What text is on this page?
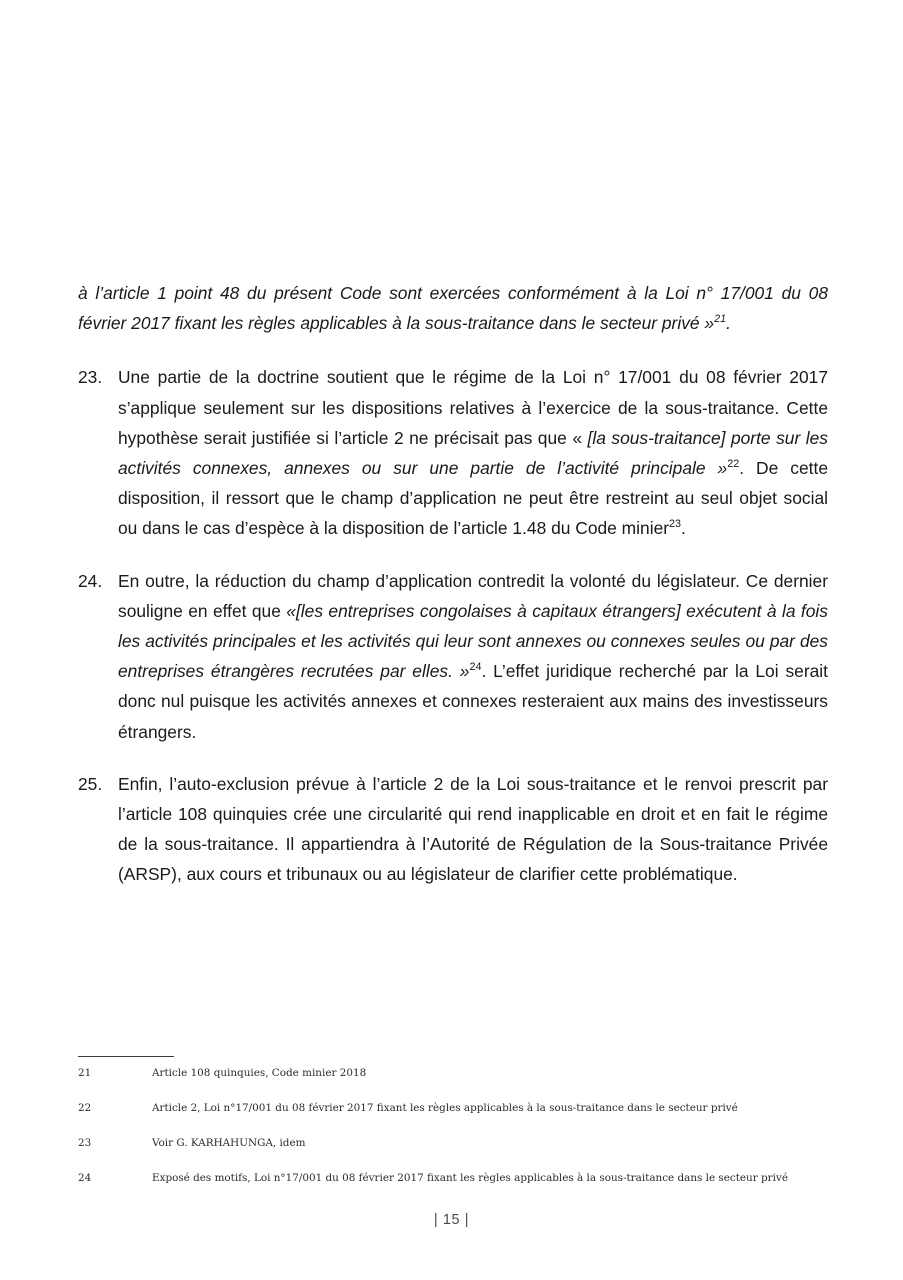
à l’article 1 point 48 du présent Code sont exercées conformément à la Loi n° 17/001 du 08 février 2017 fixant les règles applicables à la sous-traitance dans le secteur privé »$^{21}$.
23. Une partie de la doctrine soutient que le régime de la Loi n° 17/001 du 08 février 2017 s’applique seulement sur les dispositions relatives à l’exercice de la sous-traitance. Cette hypothèse serait justifiée si l’article 2 ne précisait pas que « [la sous-traitance] porte sur les activités connexes, annexes ou sur une partie de l’activité principale »$^{22}$. De cette disposition, il ressort que le champ d’application ne peut être restreint au seul objet social ou dans le cas d’espèce à la disposition de l’article 1.48 du Code minier$^{23}$.
24. En outre, la réduction du champ d’application contredit la volonté du législateur. Ce dernier souligne en effet que «[les entreprises congolaises à capitaux étrangers] exécutent à la fois les activités principales et les activités qui leur sont annexes ou connexes seules ou par des entreprises étrangères recrutées par elles. »$^{24}$. L’effet juridique recherché par la Loi serait donc nul puisque les activités annexes et connexes resteraient aux mains des investisseurs étrangers.
25. Enfin, l’auto-exclusion prévue à l’article 2 de la Loi sous-traitance et le renvoi prescrit par l’article 108 quinquies crée une circularité qui rend inapplicable en droit et en fait le régime de la sous-traitance. Il appartiendra à l’Autorité de Régulation de la Sous-traitance Privée (ARSP), aux cours et tribunaux ou au législateur de clarifier cette problématique.
21	Article 108 quinquies, Code minier 2018
22	Article 2, Loi n°17/001 du 08 février 2017 fixant les règles applicables à la sous-traitance dans le secteur privé
23	Voir G. KARHAHUNGA, idem
24	Exposé des motifs, Loi n°17/001 du 08 février 2017 fixant les règles applicables à la sous-traitance dans le secteur privé
| 15 |
